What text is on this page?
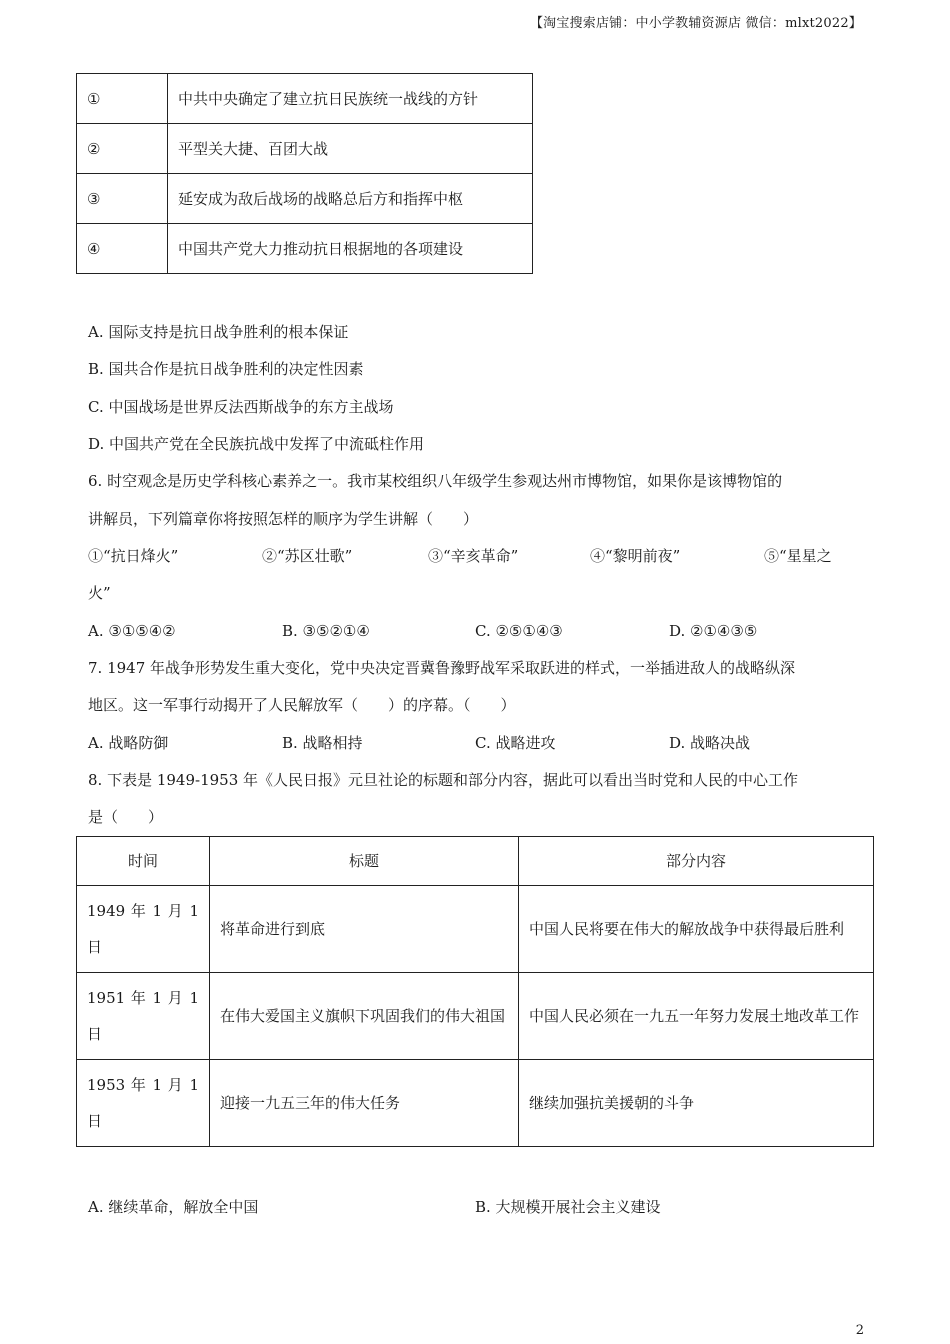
【淘宝搜索店铺：中小学教辅资源店 微信：mlxt2022】
①	中共中央确定了建立抗日民族统一战线的方针
②	平型关大捷、百团大战
③	延安成为敌后战场的战略总后方和指挥中枢
④	中国共产党大力推动抗日根据地的各项建设
A. 国际支持是抗日战争胜利的根本保证
B. 国共合作是抗日战争胜利的决定性因素
C. 中国战场是世界反法西斯战争的东方主战场
D. 中国共产党在全民族抗战中发挥了中流砥柱作用
6. 时空观念是历史学科核心素养之一。我市某校组织八年级学生参观达州市博物馆，如果你是该博物馆的
讲解员，下列篇章你将按照怎样的顺序为学生讲解（　　）
①“抗日烽火”	②“苏区壮歌”	③“辛亥革命”	④“黎明前夜”	⑤“星星之
火”
A. ③①⑤④②	B. ③⑤②①④	C. ②⑤①④③	D. ②①④③⑤
7. 1947 年战争形势发生重大变化，党中央决定晋冀鲁豫野战军采取跃进的样式，一举插进敌人的战略纵深
地区。这一军事行动揭开了人民解放军（　　）的序幕。（　　）
A. 战略防御	B. 战略相持	C. 战略进攻	D. 战略决战
8. 下表是 1949-1953 年《人民日报》元旦社论的标题和部分内容，据此可以看出当时党和人民的中心工作
是（　　）
时间	标题	部分内容
1949 年 1 月 1 日	将革命进行到底	中国人民将要在伟大的解放战争中获得最后胜利
1951 年 1 月 1 日	在伟大爱国主义旗帜下巩固我们的伟大祖国	中国人民必须在一九五一年努力发展土地改革工作
1953 年 1 月 1 日	迎接一九五三年的伟大任务	继续加强抗美援朝的斗争
A. 继续革命，解放全中国	B. 大规模开展社会主义建设
2
